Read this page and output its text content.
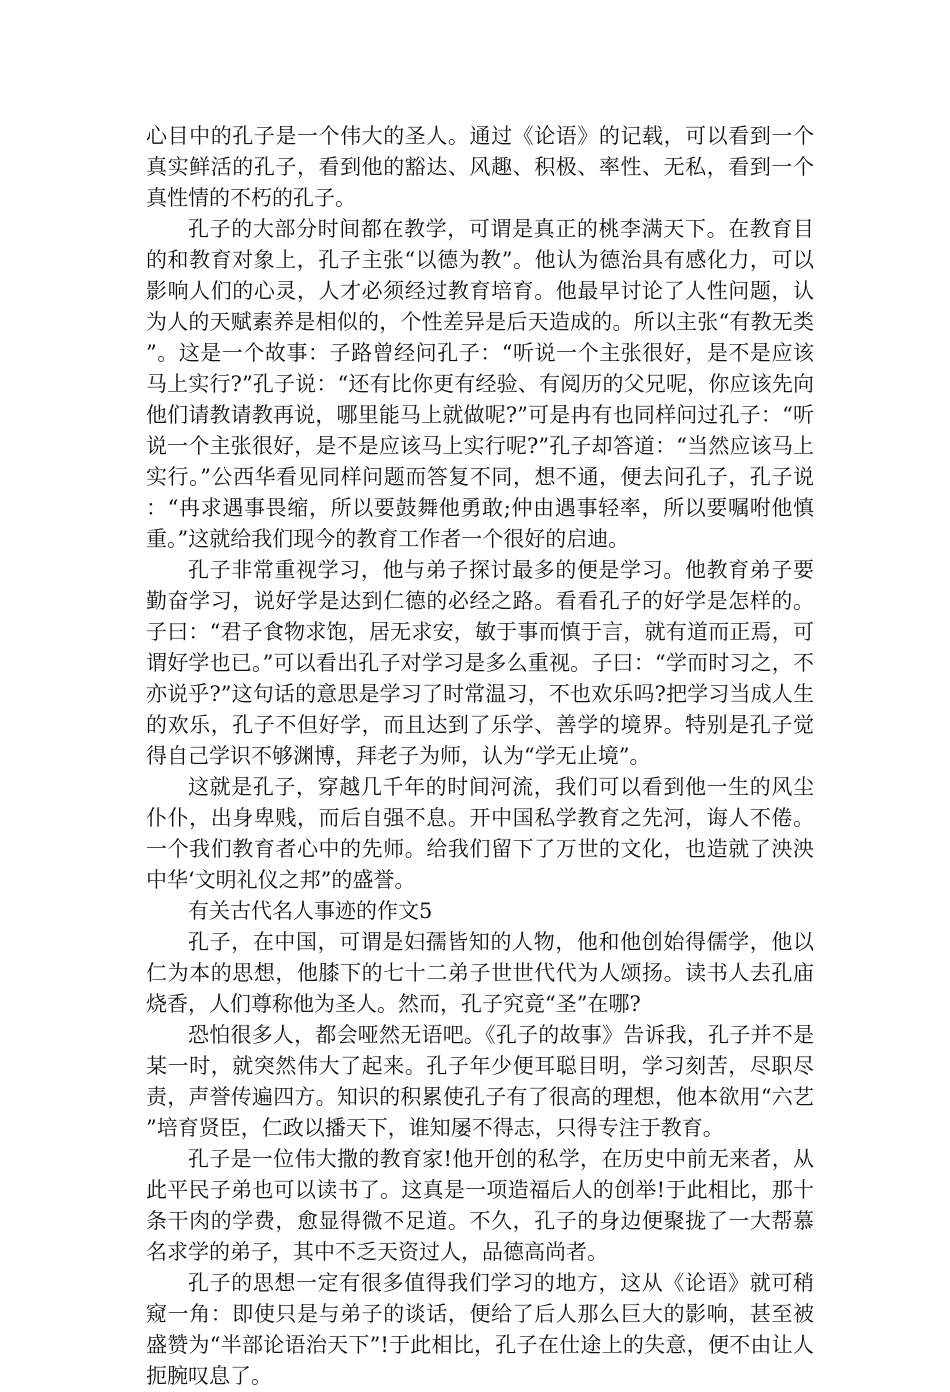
心目中的孔子是一个伟大的圣人。通过《论语》的记载，可以看到一个真实鲜活的孔子，看到他的豁达、风趣、积极、率性、无私，看到一个真性情的不朽的孔子。

孔子的大部分时间都在教学，可谓是真正的桃李满天下。在教育目的和教育对象上，孔子主张“以德为教”。他认为德治具有感化力，可以影响人们的心灵，人才必须经过教育培育。他最早讨论了人性问题，认为人的天赋素养是相似的，个性差异是后天造成的。所以主张“有教无类”。这是一个故事：子路曾经问孔子：“听说一个主张很好，是不是应该马上实行?”孔子说：“还有比你更有经验、有阅历的父兄呢，你应该先向他们请教请教再说，哪里能马上就做呢?”可是冉有也同样问过孔子：“听说一个主张很好，是不是应该马上实行呢?”孔子却答道：“当然应该马上实行。”公西华看见同样问题而答复不同，想不通，便去问孔子，孔子说：“冉求遇事畏缩，所以要鼓舞他勇敢;仲由遇事轻率，所以要嘱咐他慎重。”这就给我们现今的教育工作者一个很好的启迪。

孔子非常重视学习，他与弟子探讨最多的便是学习。他教育弟子要勤奋学习，说好学是达到仁德的必经之路。看看孔子的好学是怎样的。子曰：“君子食物求饱，居无求安，敏于事而慎于言，就有道而正焉，可谓好学也已。”可以看出孔子对学习是多么重视。子曰：“学而时习之，不亦说乎?”这句话的意思是学习了时常温习，不也欢乐吗?把学习当成人生的欢乐，孔子不但好学，而且达到了乐学、善学的境界。特别是孔子觉得自己学识不够渊博，拜老子为师，认为“学无止境”。

这就是孔子，穿越几千年的时间河流，我们可以看到他一生的风尘仆仆，出身卑贱，而后自强不息。开中国私学教育之先河，诲人不倦。一个我们教育者心中的先师。给我们留下了万世的文化，也造就了泱泱中华‘文明礼仪之邦”的盛誉。

有关古代名人事迹的作文5

孔子，在中国，可谓是妇孺皆知的人物，他和他创始得儒学，他以仁为本的思想，他膝下的七十二弟子世世代代为人颂扬。读书人去孔庙烧香，人们尊称他为圣人。然而，孔子究竟“圣”在哪?

恐怕很多人，都会哑然无语吧。《孔子的故事》告诉我，孔子并不是某一时，就突然伟大了起来。孔子年少便耳聪目明，学习刻苦，尽职尽责，声誉传遍四方。知识的积累使孔子有了很高的理想，他本欲用“六艺”培育贤臣，仁政以播天下，谁知屡不得志，只得专注于教育。

孔子是一位伟大撒的教育家!他开创的私学，在历史中前无来者，从此平民子弟也可以读书了。这真是一项造福后人的创举!于此相比，那十条干肉的学费，愈显得微不足道。不久，孔子的身边便聚拢了一大帮慕名求学的弟子，其中不乏天资过人，品德高尚者。

孔子的思想一定有很多值得我们学习的地方，这从《论语》就可稍窥一角：即使只是与弟子的谈话，便给了后人那么巨大的影响，甚至被盛赞为“半部论语治天下”!于此相比，孔子在仕途上的失意，便不由让人扼腕叹息了。
